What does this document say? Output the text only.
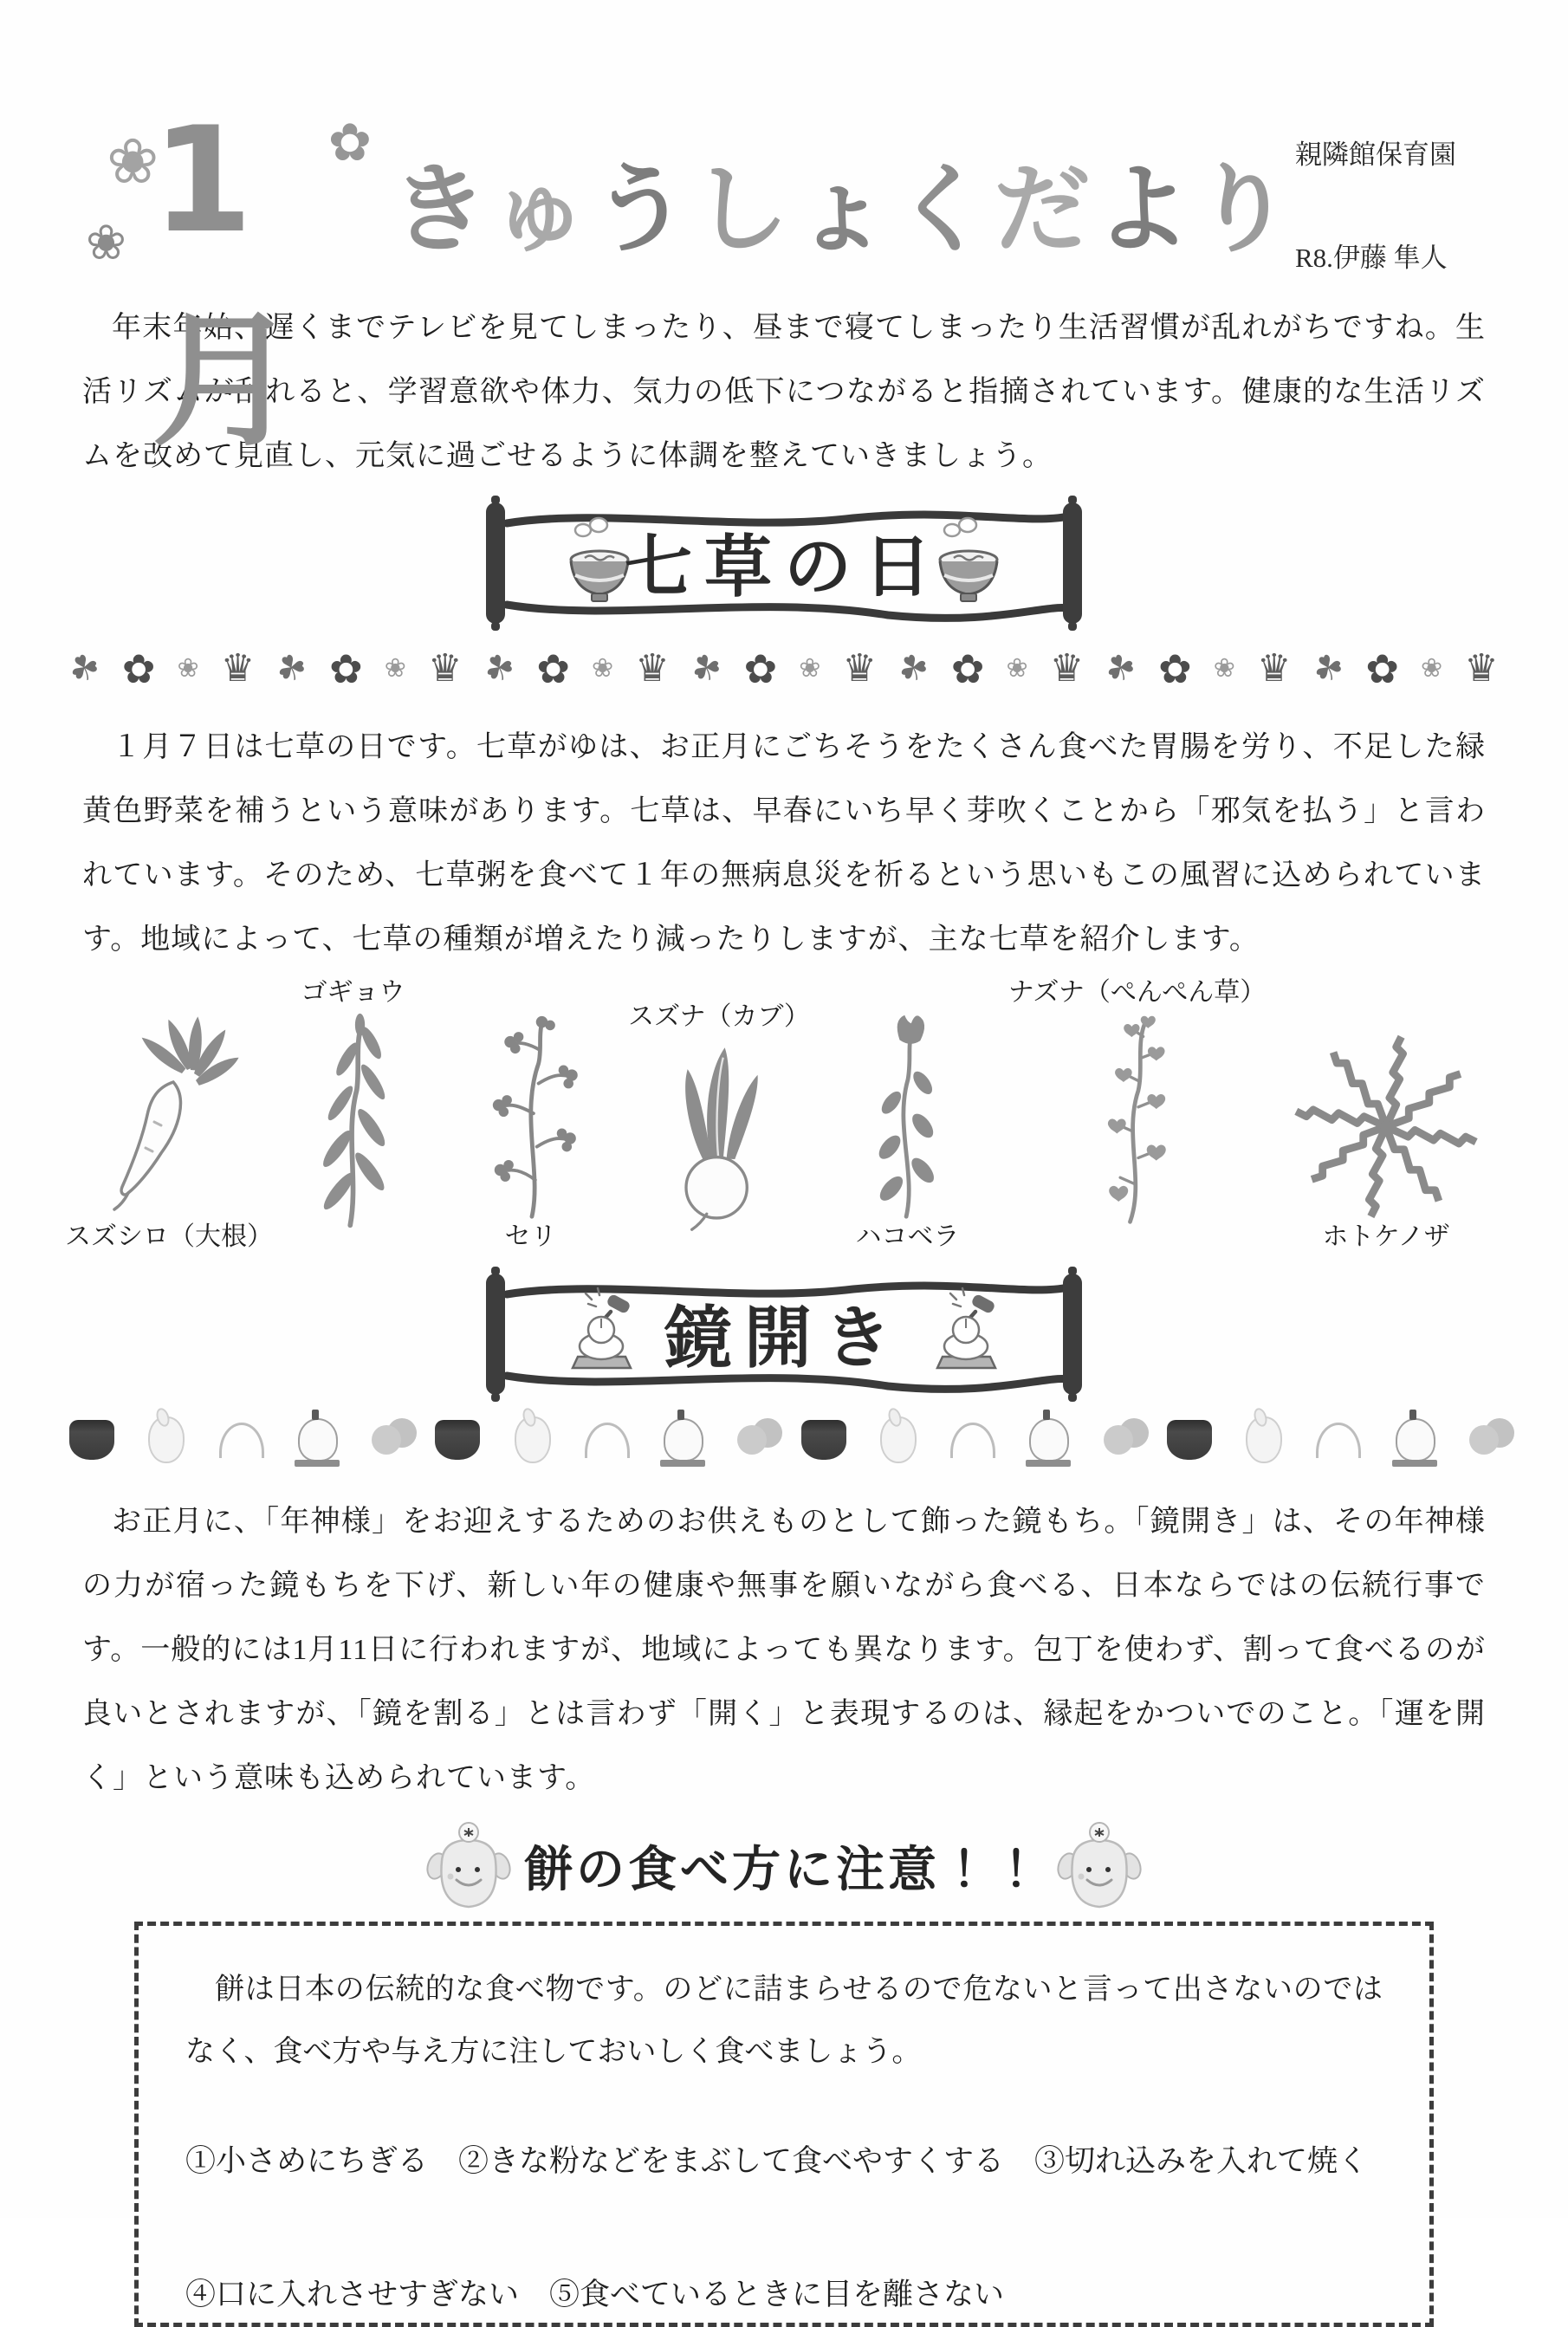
❀	✿
❀ 1月
きゅうしょくだより 親隣館保育園
R8.伊藤 隼人
年末年始、遅くまでテレビを見てしまったり、昼まで寝てしまったり生活習慣が乱れがちですね。生活リズムが乱れると、学習意欲や体力、気力の低下につながると指摘されています。健康的な生活リズムを改めて見直し、元気に過ごせるように体調を整えていきましょう。
七草の日
☘ ✿ ❀ ♛ ☘ ✿ ❀ ♛ ☘ ✿ ❀ ♛ ☘ ✿ ❀ ♛ ☘ ✿ ❀ ♛ ☘ ✿ ❀ ♛ ☘ ✿ ❀ ♛
１月７日は七草の日です。七草がゆは、お正月にごちそうをたくさん食べた胃腸を労り、不足した緑黄色野菜を補うという意味があります。七草は、早春にいち早く芽吹くことから「邪気を払う」と言われています。そのため、七草粥を食べて１年の無病息災を祈るという思いもこの風習に込められています。地域によって、七草の種類が増えたり減ったりしますが、主な七草を紹介します。
スズシロ（大根）
ゴギョウ
セリ
スズナ（カブ）
ハコベラ
ナズナ（ぺんぺん草）
ホトケノザ
鏡開き
お正月に、「年神様」をお迎えするためのお供えものとして飾った鏡もち。「鏡開き」は、その年神様の力が宿った鏡もちを下げ、新しい年の健康や無事を願いながら食べる、日本ならではの伝統行事です。一般的には1月11日に行われますが、地域によっても異なります。包丁を使わず、割って食べるのが良いとされますが、「鏡を割る」とは言わず「開く」と表現するのは、縁起をかついでのこと。「運を開く」という意味も込められています。
餅の食べ方に注意！！
餅は日本の伝統的な食べ物です。のどに詰まらせるので危ないと言って出さないのではなく、食べ方や与え方に注しておいしく食べましょう。
①小さめにちぎる　②きな粉などをまぶして食べやすくする　③切れ込みを入れて焼く
④口に入れさせすぎない　⑤食べているときに目を離さない
